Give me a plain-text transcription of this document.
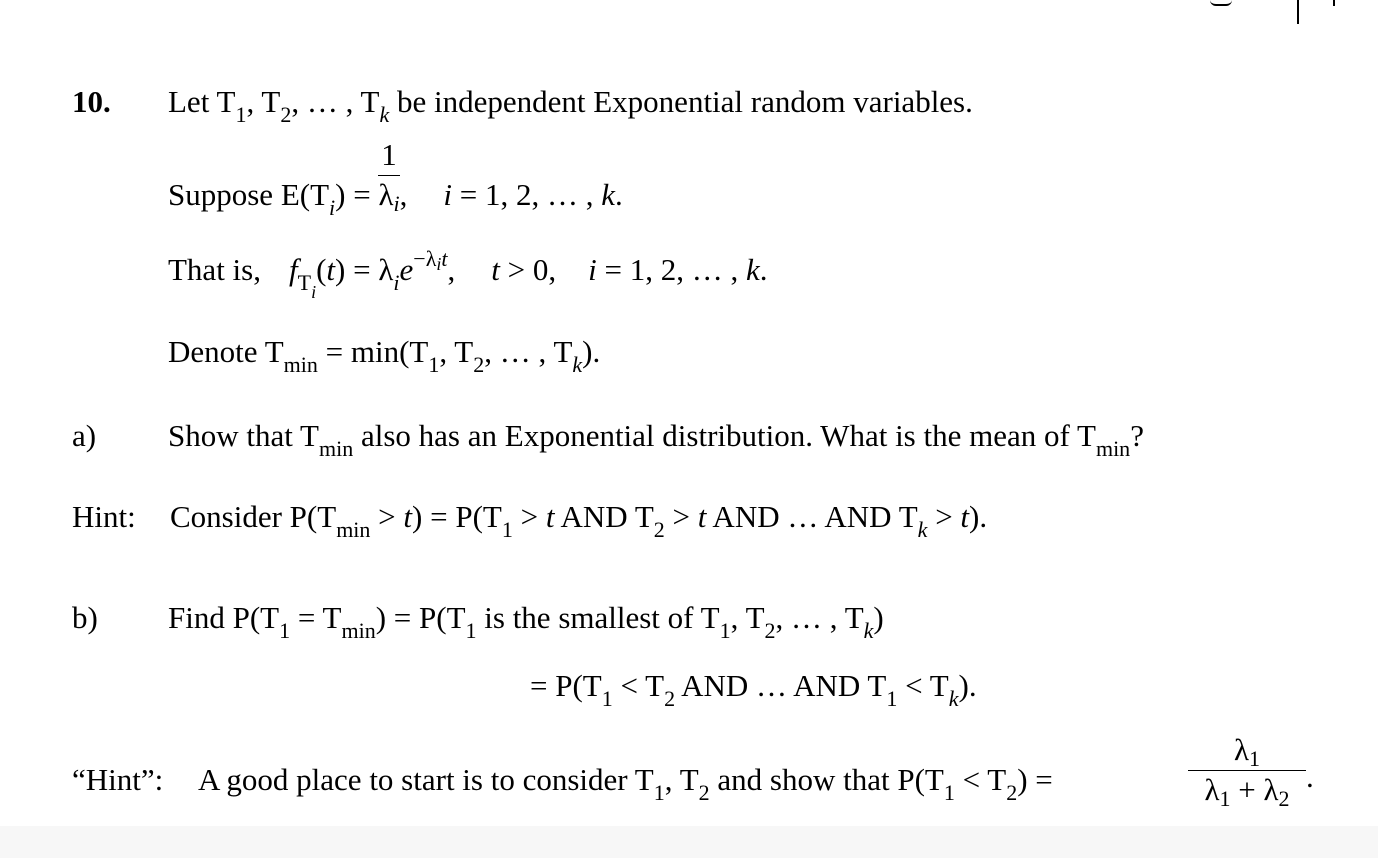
10. Let $T_1$, $T_2$, … , $T_k$ be independent Exponential random variables.
Suppose $E(T_i) = \frac{1}{\lambda i}$ , i = 1, 2, … , k.
That is, $f_{Ti}(t) = \lambda_ie^{-\lambda it}$, t > 0, i = 1, 2, … , k.
Denote $T_{min} = \min(T_1$, $T_2$, … , $T_k$).
a) Show that $T_{min}$ also has an Exponential distribution. What is the mean of $T_{min}$?
Hint: Consider $P(T_{min} > t) = P(T_1 > t$ AND $T_2 > t$ AND … AND $T_k > t$).
b) Find $P(T_1 = T_{min}) = P(T_1$ is the smallest of $T_1$, $T_2$, … , $T_k$)
= $P(T_1 < T_2$ AND … AND $T_1 < T_k$).
“Hint”: A good place to start is to consider $T_1$, $T_2$ and show that $P(T_1 < T_2)$ =	$\frac{\lambda 1}{\lambda 1 + \lambda 2}$ .
